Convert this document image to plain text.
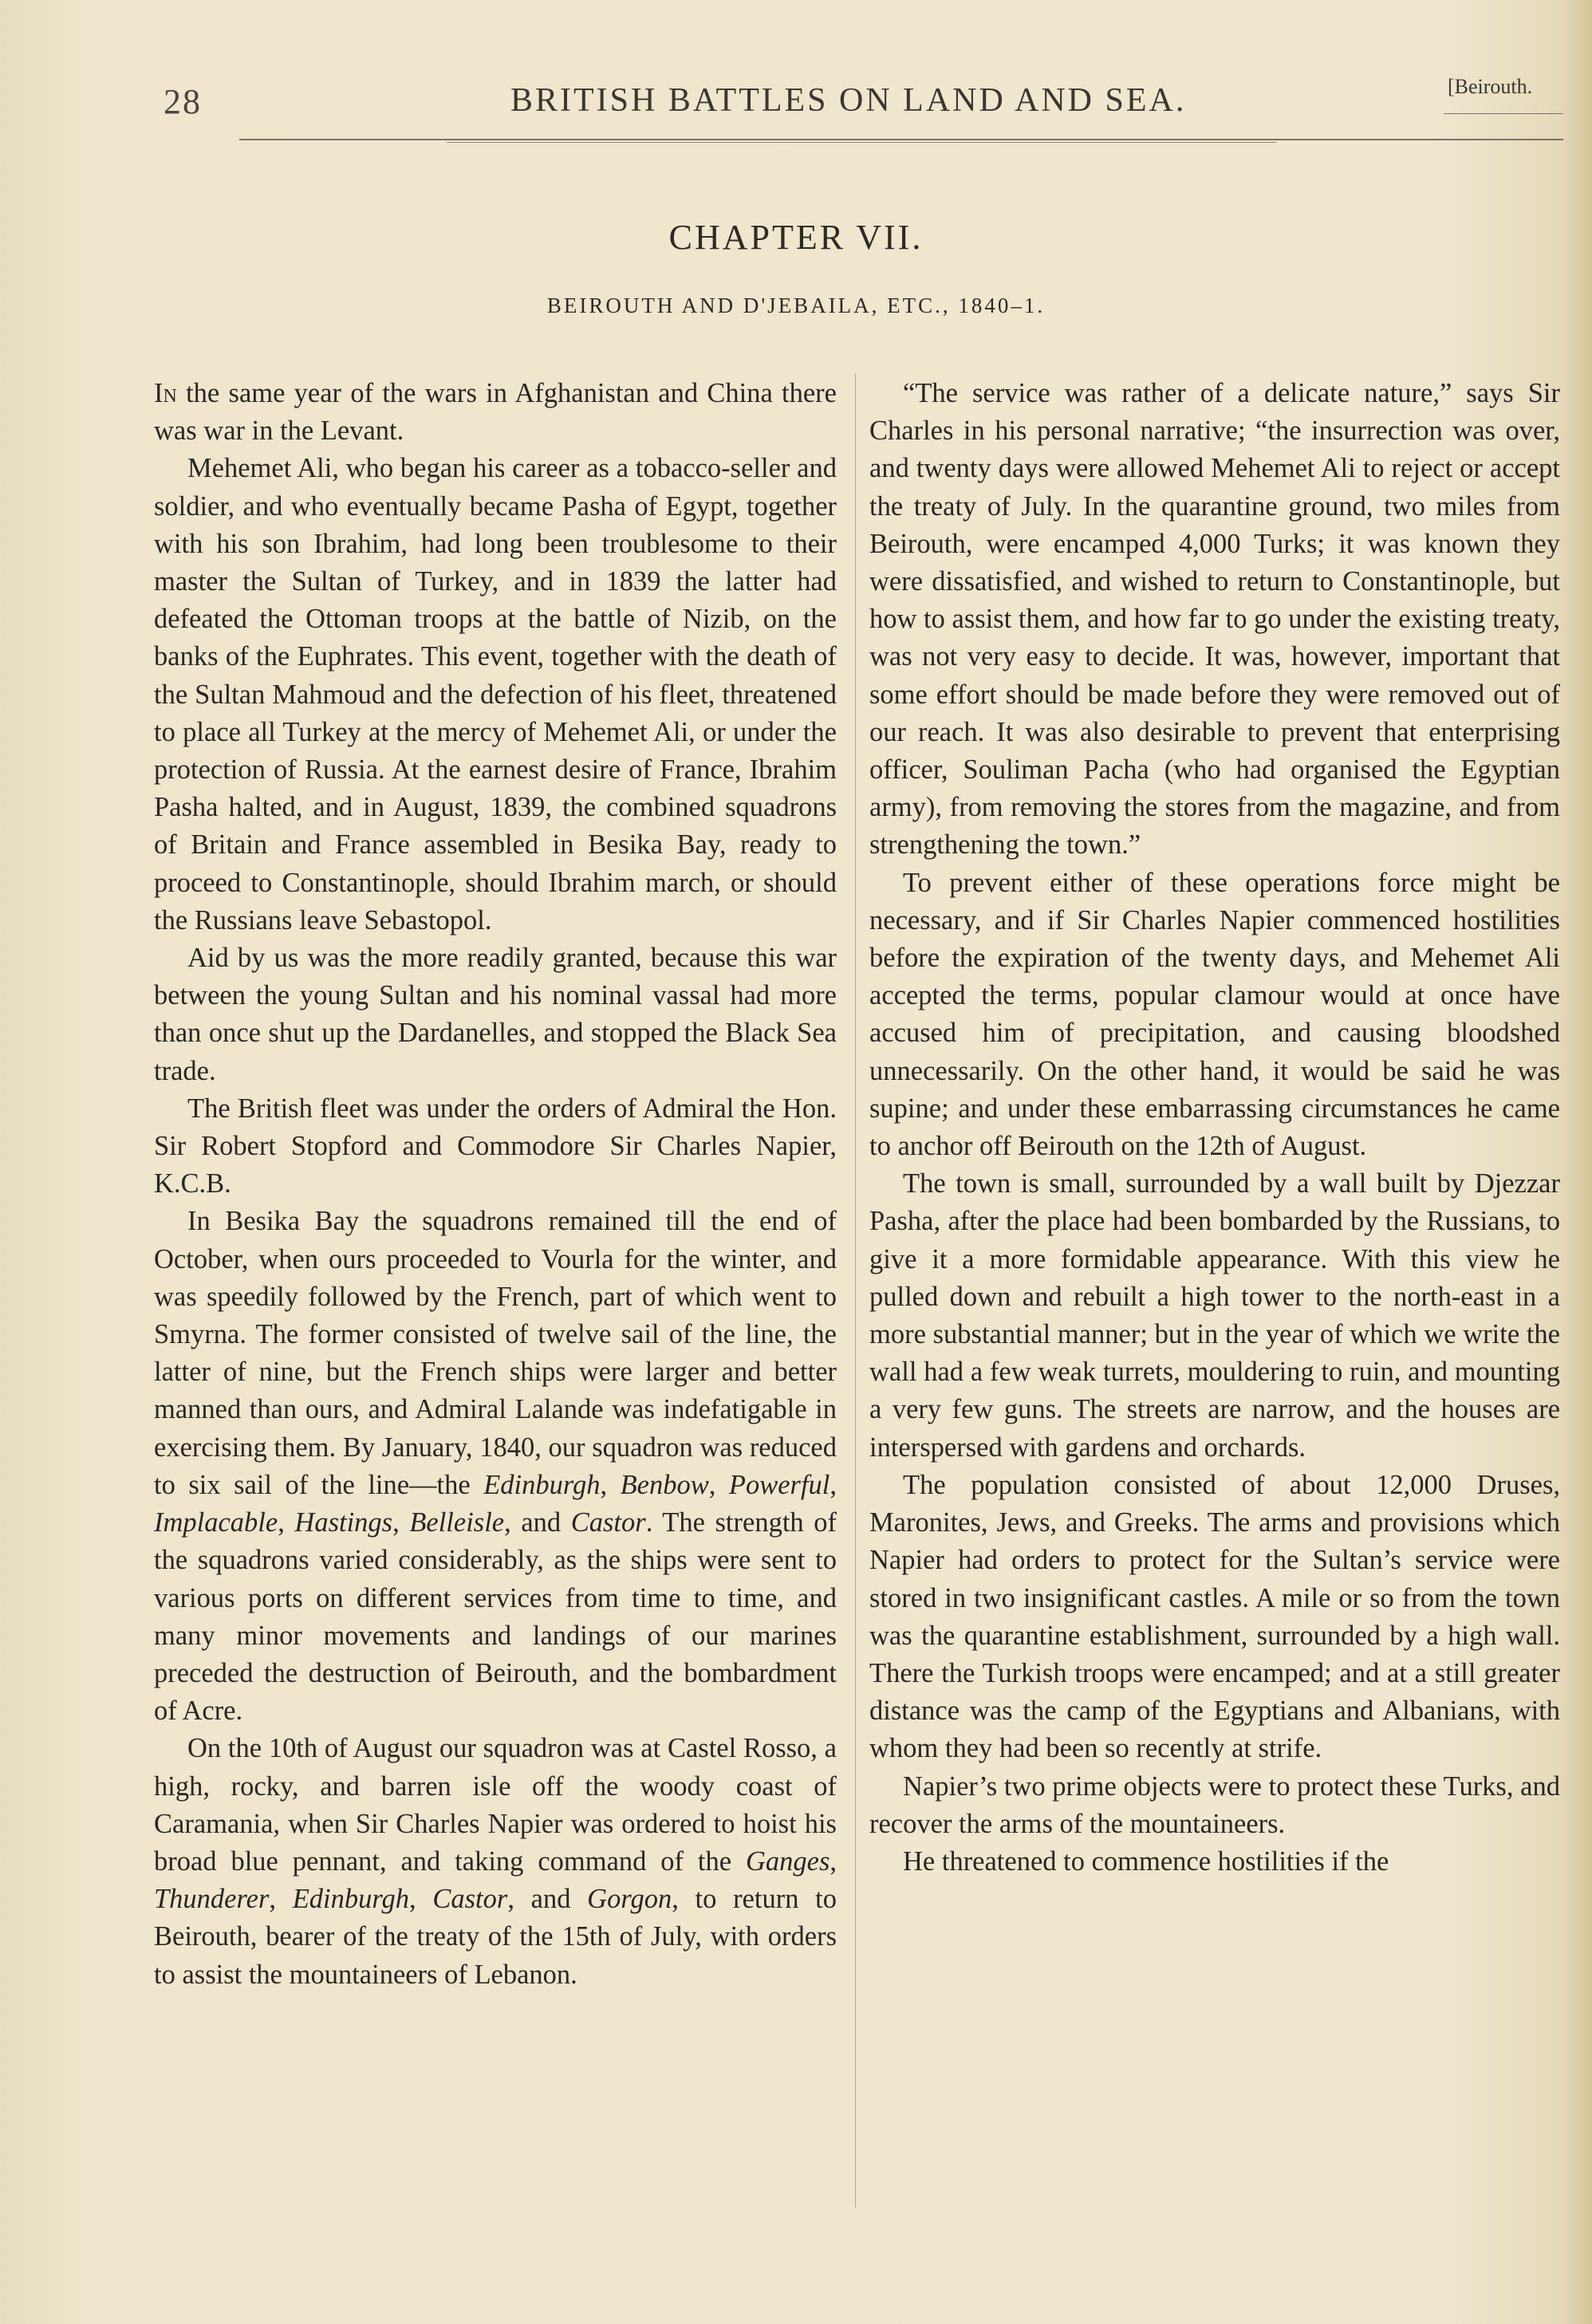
28	BRITISH BATTLES ON LAND AND SEA.	[Beirouth.
CHAPTER VII.
BEIROUTH AND D'JEBAILA, ETC., 1840–1.

In the same year of the wars in Afghanistan and China there was war in the Levant.

Mehemet Ali, who began his career as a tobacco-seller and soldier, and who eventually became Pasha of Egypt, together with his son Ibrahim, had long been troublesome to their master the Sultan of Turkey, and in 1839 the latter had defeated the Ottoman troops at the battle of Nizib, on the banks of the Euphrates. This event, together with the death of the Sultan Mahmoud and the defection of his fleet, threatened to place all Turkey at the mercy of Mehemet Ali, or under the protection of Russia. At the earnest desire of France, Ibrahim Pasha halted, and in August, 1839, the combined squadrons of Britain and France assembled in Besika Bay, ready to proceed to Constantinople, should Ibrahim march, or should the Russians leave Sebastopol.

Aid by us was the more readily granted, because this war between the young Sultan and his nominal vassal had more than once shut up the Dardanelles, and stopped the Black Sea trade.

The British fleet was under the orders of Admiral the Hon. Sir Robert Stopford and Commodore Sir Charles Napier, K.C.B.

In Besika Bay the squadrons remained till the end of October, when ours proceeded to Vourla for the winter, and was speedily followed by the French, part of which went to Smyrna. The former consisted of twelve sail of the line, the latter of nine, but the French ships were larger and better manned than ours, and Admiral Lalande was indefatigable in exercising them. By January, 1840, our squadron was reduced to six sail of the line—the Edinburgh, Benbow, Powerful, Implacable, Hastings, Belleisle, and Castor. The strength of the squadrons varied considerably, as the ships were sent to various ports on different services from time to time, and many minor movements and landings of our marines preceded the destruction of Beirouth, and the bombardment of Acre.

On the 10th of August our squadron was at Castel Rosso, a high, rocky, and barren isle off the woody coast of Caramania, when Sir Charles Napier was ordered to hoist his broad blue pennant, and taking command of the Ganges, Thunderer, Edinburgh, Castor, and Gorgon, to return to Beirouth, bearer of the treaty of the 15th of July, with orders to assist the mountaineers of Lebanon.

“The service was rather of a delicate nature,” says Sir Charles in his personal narrative; “the insurrection was over, and twenty days were allowed Mehemet Ali to reject or accept the treaty of July. In the quarantine ground, two miles from Beirouth, were encamped 4,000 Turks; it was known they were dissatisfied, and wished to return to Constantinople, but how to assist them, and how far to go under the existing treaty, was not very easy to decide. It was, however, important that some effort should be made before they were removed out of our reach. It was also desirable to prevent that enterprising officer, Souliman Pacha (who had organised the Egyptian army), from removing the stores from the magazine, and from strengthening the town.”

To prevent either of these operations force might be necessary, and if Sir Charles Napier commenced hostilities before the expiration of the twenty days, and Mehemet Ali accepted the terms, popular clamour would at once have accused him of precipitation, and causing bloodshed unnecessarily. On the other hand, it would be said he was supine; and under these embarrassing circumstances he came to anchor off Beirouth on the 12th of August.

The town is small, surrounded by a wall built by Djezzar Pasha, after the place had been bombarded by the Russians, to give it a more formidable appearance. With this view he pulled down and rebuilt a high tower to the north-east in a more substantial manner; but in the year of which we write the wall had a few weak turrets, mouldering to ruin, and mounting a very few guns. The streets are narrow, and the houses are interspersed with gardens and orchards.

The population consisted of about 12,000 Druses, Maronites, Jews, and Greeks. The arms and provisions which Napier had orders to protect for the Sultan’s service were stored in two insignificant castles. A mile or so from the town was the quarantine establishment, surrounded by a high wall. There the Turkish troops were encamped; and at a still greater distance was the camp of the Egyptians and Albanians, with whom they had been so recently at strife.

Napier’s two prime objects were to protect these Turks, and recover the arms of the mountaineers.

He threatened to commence hostilities if the
